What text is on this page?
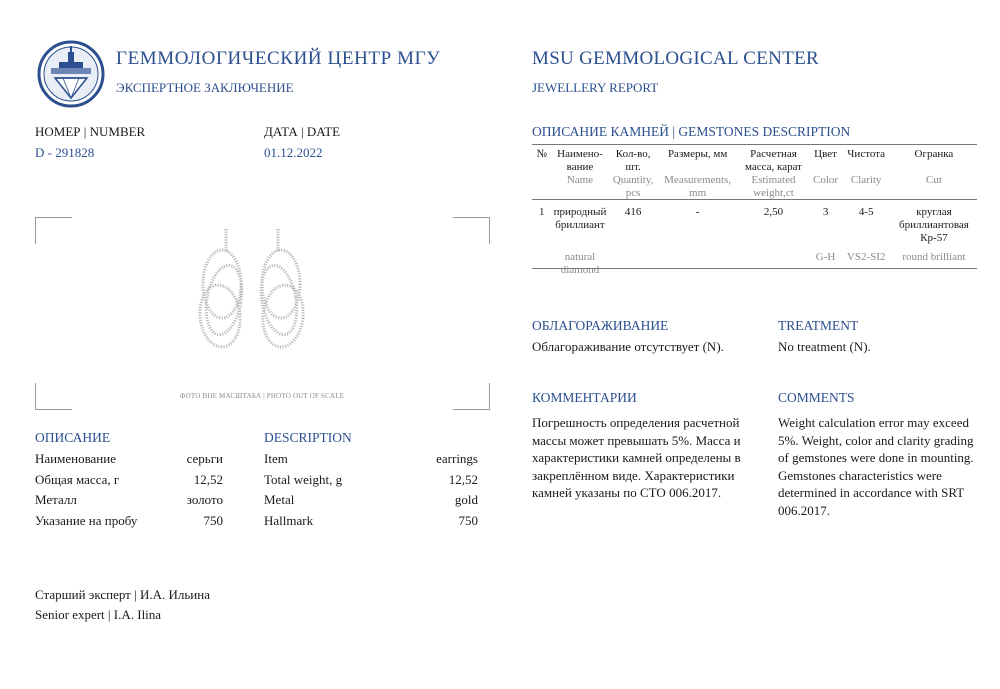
ГЕММОЛОГИЧЕСКИЙ ЦЕНТР МГУ
ЭКСПЕРТНОЕ ЗАКЛЮЧЕНИЕ
MSU GEMMOLOGICAL CENTER
JEWELLERY REPORT
НОМЕР | NUMBER
D - 291828
ДАТА | DATE
01.12.2022
ФОТО ВНЕ МАСШТАБА | PHOTO OUT OF SCALE
ОПИСАНИЕ	DESCRIPTION
Наименование	серьги	Item	earrings
Общая масса, г	12,52	Total weight, g	12,52
Металл	золото	Metal	gold
Указание на пробу	750	Hallmark	750
Старший эксперт | И.А. Ильина
Senior expert | I.A. Ilina
ОПИСАНИЕ КАМНЕЙ | GEMSTONES DESCRIPTION
№	Наимено-вание	Кол-во, шт.	Размеры, мм	Расчетная масса, карат	Цвет	Чистота	Огранка
	Name	Quantity, pcs	Measurements, mm	Estimated weight,ct	Color	Clarity	Cut
1	природный бриллиант	416	-	2,50	3	4-5	круглая бриллиантовая Кр-57
	natural diamond				G-H	VS2-SI2	round brilliant
ОБЛАГОРАЖИВАНИЕ
Облагораживание отсутствует (N).
TREATMENT
No treatment (N).
КОММЕНТАРИИ
Погрешность определения расчетной массы может превышать 5%. Масса и характеристики камней определены в закреплённом виде. Характеристики камней указаны по СТО 006.2017.
COMMENTS
Weight calculation error may exceed 5%. Weight, color and clarity grading of gemstones were done in mounting. Gemstones characteristics were determined in accordance with SRT 006.2017.
